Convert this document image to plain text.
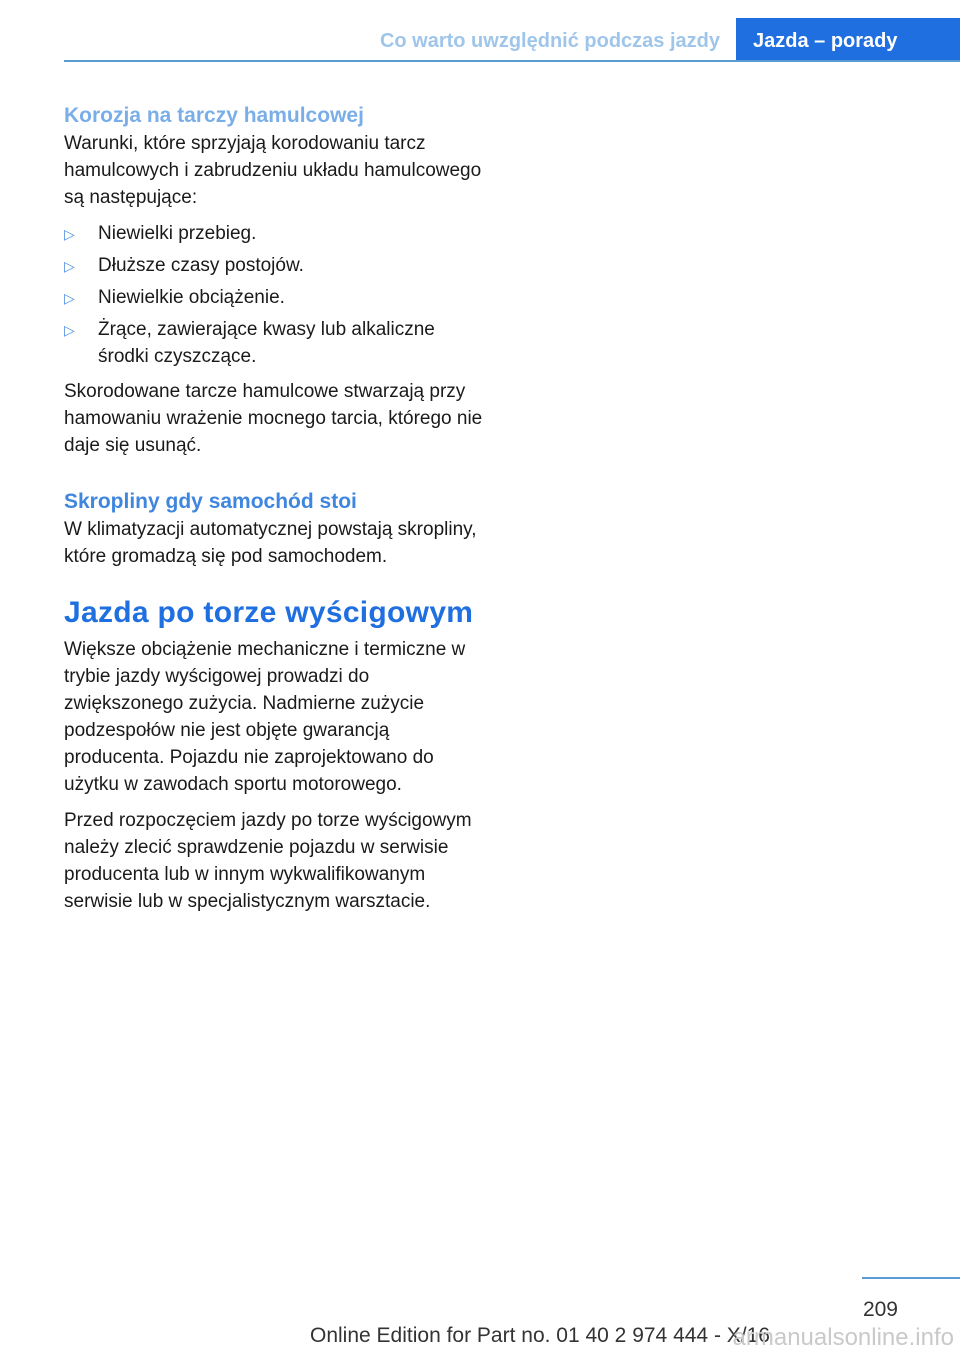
Co warto uwzględnić podczas jazdy	Jazda – porady
Korozja na tarczy hamulcowej

Warunki, które sprzyjają korodowaniu tarcz hamulcowych i zabrudzeniu układu hamulcowego są następujące:

▷ Niewielki przebieg.
▷ Dłuższe czasy postojów.
▷ Niewielkie obciążenie.
▷ Żrące, zawierające kwasy lub alkaliczne środki czyszczące.

Skorodowane tarcze hamulcowe stwarzają przy hamowaniu wrażenie mocnego tarcia, którego nie daje się usunąć.

Skropliny gdy samochód stoi

W klimatyzacji automatycznej powstają skropliny, które gromadzą się pod samochodem.

Jazda po torze wyścigowym

Większe obciążenie mechaniczne i termiczne w trybie jazdy wyścigowej prowadzi do zwiększonego zużycia. Nadmierne zużycie podzespołów nie jest objęte gwarancją producenta. Pojazdu nie zaprojektowano do użytku w zawodach sportu motorowego.

Przed rozpoczęciem jazdy po torze wyścigowym należy zlecić sprawdzenie pojazdu w serwisie producenta lub w innym wykwalifikowanym serwisie lub w specjalistycznym warsztacie.

209
Online Edition for Part no. 01 40 2 974 444 - X/16
armanualsonline.info
